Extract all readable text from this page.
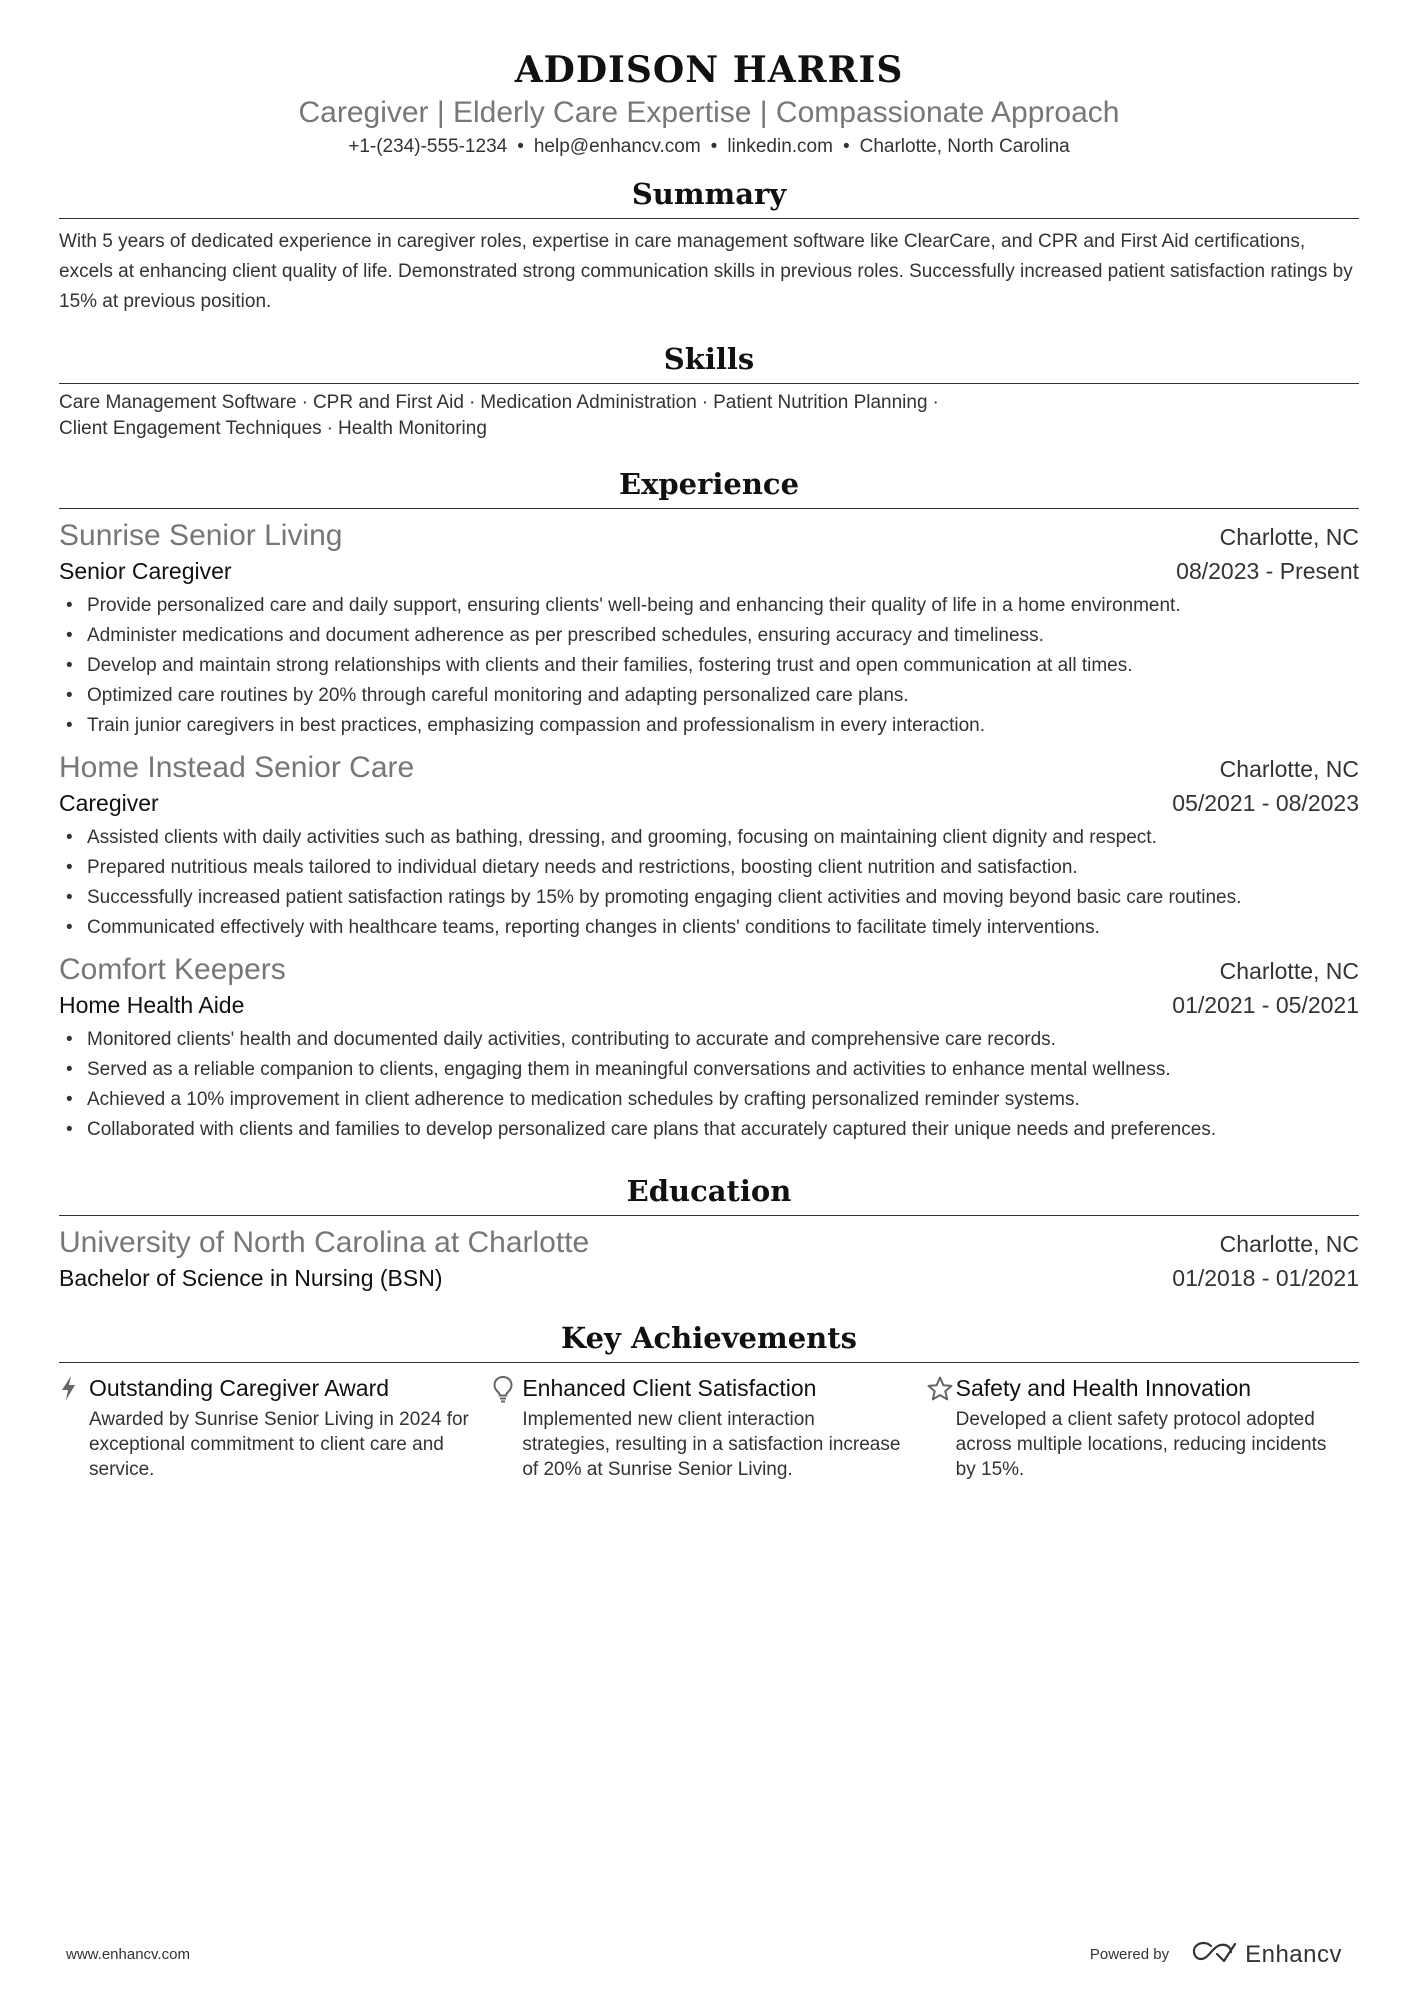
ADDISON HARRIS
Caregiver | Elderly Care Expertise | Compassionate Approach
+1-(234)-555-1234 • help@enhancv.com • linkedin.com • Charlotte, North Carolina
Summary
With 5 years of dedicated experience in caregiver roles, expertise in care management software like ClearCare, and CPR and First Aid certifications, excels at enhancing client quality of life. Demonstrated strong communication skills in previous roles. Successfully increased patient satisfaction ratings by 15% at previous position.
Skills
Care Management Software · CPR and First Aid · Medication Administration · Patient Nutrition Planning ·
Client Engagement Techniques · Health Monitoring
Experience
Sunrise Senior Living	Charlotte, NC
Senior Caregiver	08/2023 - Present
• Provide personalized care and daily support, ensuring clients' well-being and enhancing their quality of life in a home environment.
• Administer medications and document adherence as per prescribed schedules, ensuring accuracy and timeliness.
• Develop and maintain strong relationships with clients and their families, fostering trust and open communication at all times.
• Optimized care routines by 20% through careful monitoring and adapting personalized care plans.
• Train junior caregivers in best practices, emphasizing compassion and professionalism in every interaction.
Home Instead Senior Care	Charlotte, NC
Caregiver	05/2021 - 08/2023
• Assisted clients with daily activities such as bathing, dressing, and grooming, focusing on maintaining client dignity and respect.
• Prepared nutritious meals tailored to individual dietary needs and restrictions, boosting client nutrition and satisfaction.
• Successfully increased patient satisfaction ratings by 15% by promoting engaging client activities and moving beyond basic care routines.
• Communicated effectively with healthcare teams, reporting changes in clients' conditions to facilitate timely interventions.
Comfort Keepers	Charlotte, NC
Home Health Aide	01/2021 - 05/2021
• Monitored clients' health and documented daily activities, contributing to accurate and comprehensive care records.
• Served as a reliable companion to clients, engaging them in meaningful conversations and activities to enhance mental wellness.
• Achieved a 10% improvement in client adherence to medication schedules by crafting personalized reminder systems.
• Collaborated with clients and families to develop personalized care plans that accurately captured their unique needs and preferences.
Education
University of North Carolina at Charlotte	Charlotte, NC
Bachelor of Science in Nursing (BSN)	01/2018 - 01/2021
Key Achievements
Outstanding Caregiver Award
Awarded by Sunrise Senior Living in 2024 for exceptional commitment to client care and service.
Enhanced Client Satisfaction
Implemented new client interaction strategies, resulting in a satisfaction increase of 20% at Sunrise Senior Living.
Safety and Health Innovation
Developed a client safety protocol adopted across multiple locations, reducing incidents by 15%.
www.enhancv.com	Powered by	Enhancv
